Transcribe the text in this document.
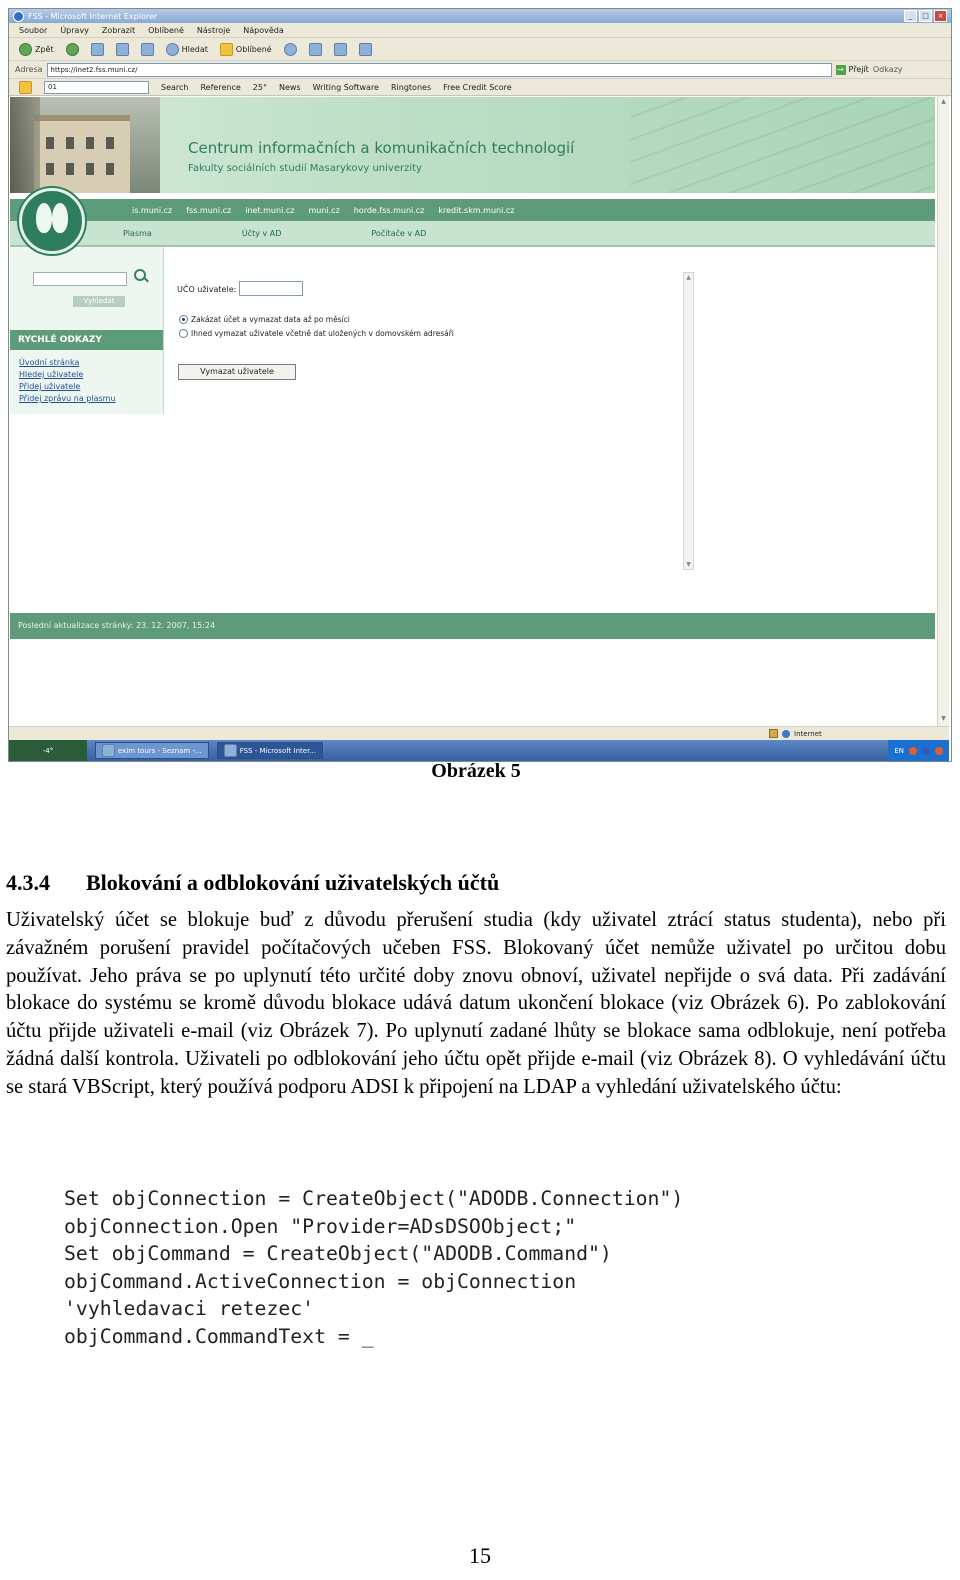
FSS - Microsoft Internet Explorer	_	□	×
Soubor Úpravy Zobrazit Oblíbené Nástroje Nápověda
Zpět	Hledat	Oblíbené
Adresa	https://inet2.fss.muni.cz/	→ Přejít Odkazy
01	Search Reference 25° News Writing Software Ringtones Free Credit Score
Centrum informačních a komunikačních technologií
Fakulty sociálních studií Masarykovy univerzity
is.muni.cz fss.muni.cz inet.muni.cz muni.cz horde.fss.muni.cz kredit.skm.muni.cz
Plasma	Účty v AD	Počítače v AD
Vyhledat
RYCHLÉ ODKAZY
Úvodní stránka
Hledej uživatele
Přidej uživatele
Přidej zprávu na plasmu
UČO uživatele:
Zakázat účet a vymazat data až po měsíci
Ihned vymazat uživatele včetně dat uložených v domovském adresáři
Vymazat uživatele
▲
▼
Poslední aktualizace stránky: 23. 12. 2007, 15:24
▲
▼
Internet
-4°	exim tours - Seznam -...	FSS - Microsoft Inter...	EN
Obrázek 5
4.3.4 Blokování a odblokování uživatelských účtů
Uživatelský účet se blokuje buď z důvodu přerušení studia (kdy uživatel ztrácí status studenta), nebo při závažném porušení pravidel počítačových učeben FSS. Blokovaný účet nemůže uživatel po určitou dobu používat. Jeho práva se po uplynutí této určité doby znovu obnoví, uživatel nepřijde o svá data. Při zadávání blokace do systému se kromě důvodu blokace udává datum ukončení blokace (viz Obrázek 6). Po zablokování účtu přijde uživateli e-mail (viz Obrázek 7). Po uplynutí zadané lhůty se blokace sama odblokuje, není potřeba žádná další kontrola. Uživateli po odblokování jeho účtu opět přijde e-mail (viz Obrázek 8). O vyhledávání účtu se stará VBScript, který používá podporu ADSI k připojení na LDAP a vyhledání uživatelského účtu:
Set objConnection = CreateObject("ADODB.Connection")
objConnection.Open "Provider=ADsDSOObject;"
Set objCommand = CreateObject("ADODB.Command")
objCommand.ActiveConnection = objConnection
'vyhledavaci retezec'
objCommand.CommandText = _
15
